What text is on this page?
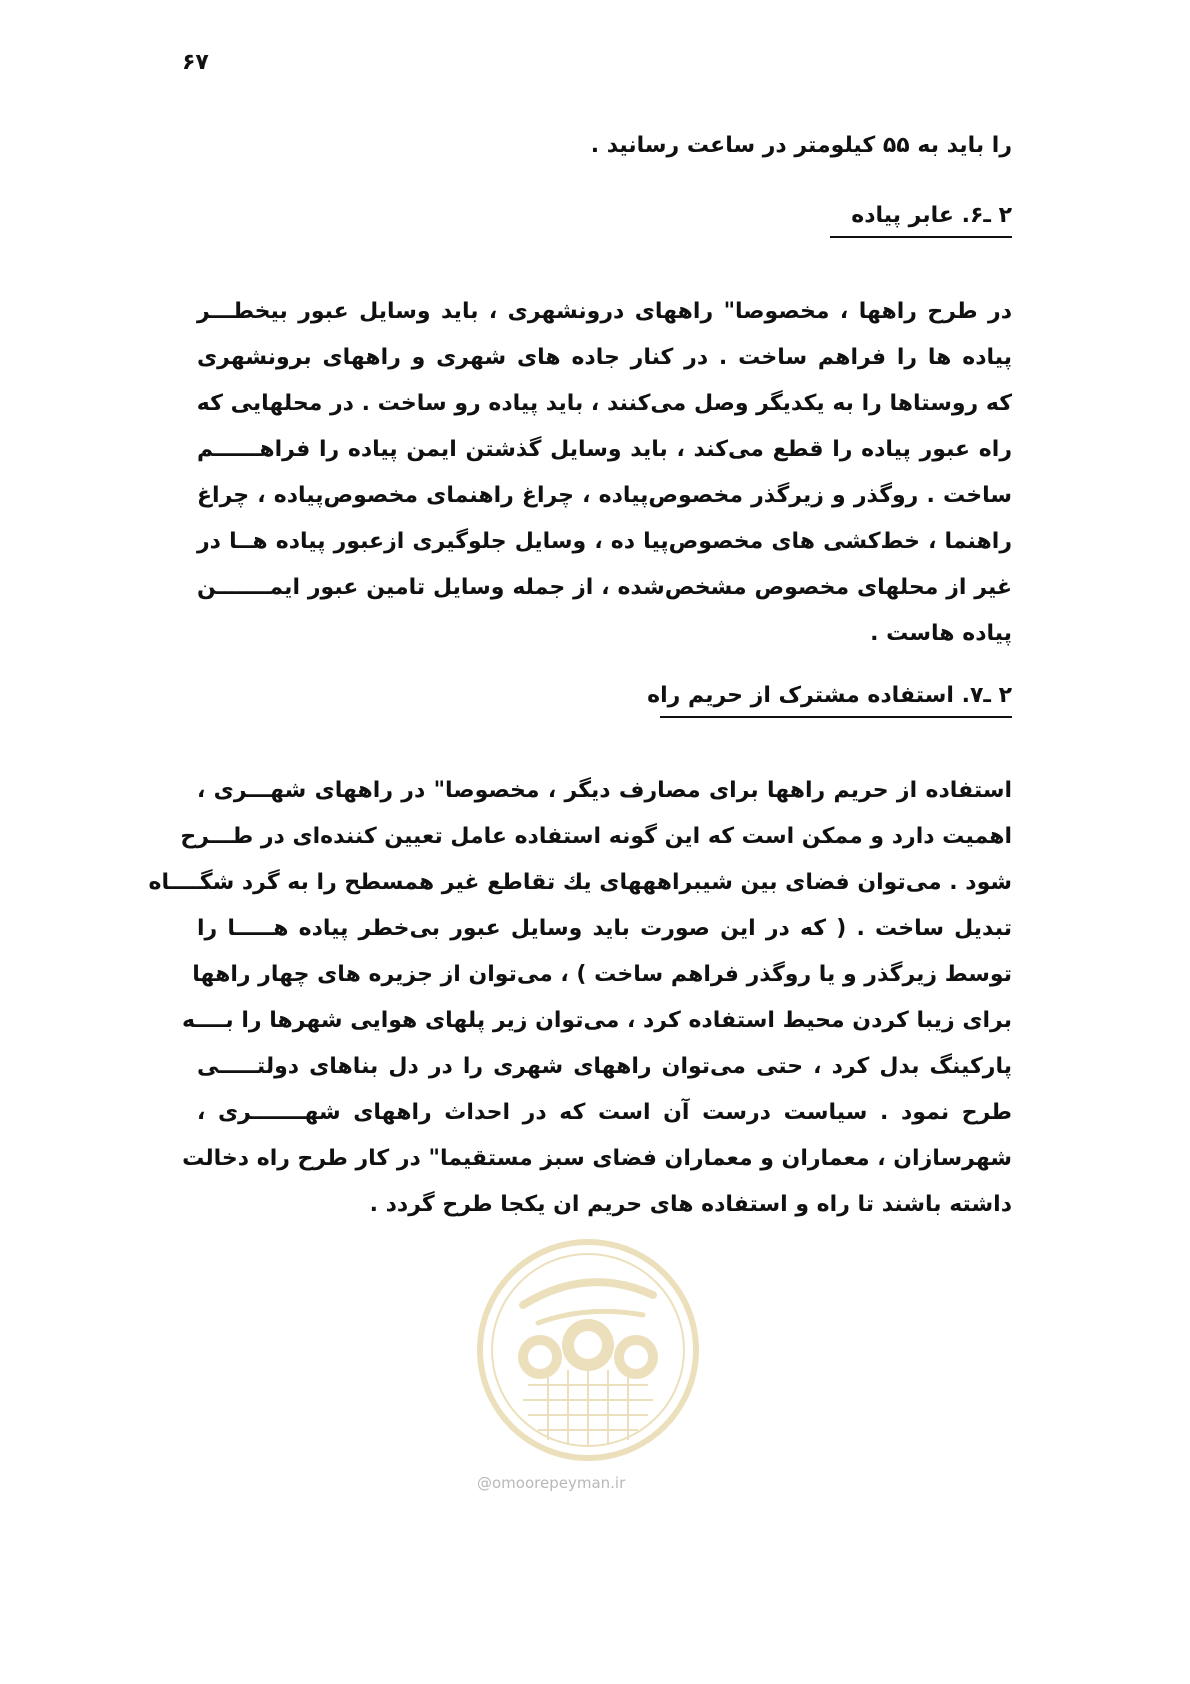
۶۷
را باید به ۵۵ کیلومتر در ساعت رسانید .
۲ ـ۶. عابر پیاده
در طرح راهها ، مخصوصا" راههای درونشهری ، باید وسایل عبور بیخطـــر
پیاده ها را فراهم ساخت . در کنار جاده های شهری و راههای برونشهری
که روستاها را به یکدیگر وصل می‌کنند ، باید پیاده رو ساخت . در محلهایی که
راه عبور پیاده را قطع می‌کند ، باید وسایل گذشتن ایمن پیاده را فراهــــــم
ساخت . روگذر و زیرگذر مخصوص‌پیاده ، چراغ راهنمای مخصوص‌پیاده ، چراغ
راهنما ، خط‌کشی های مخصوص‌پیا ده ، وسایل جلوگیری ازعبور پیاده هــا در
غیر از محلهای مخصوص مشخص‌شده ، از جمله وسایل تامین عبور ایمـــــــن
پیاده هاست .
۲ ـ۷. استفاده مشترک از حریم راه
استفاده از حریم راهها برای مصارف دیگر ، مخصوصا" در راههای شهـــری ،
اهمیت دارد و ممکن است که این گونه استفاده عامل تعیین کننده‌ای در طـــرح
شود . می‌توان فضای بین شیبراهههای یك تقاطع غیر همسطح را به گرد شگــــاه
تبدیل ساخت . ( که در این صورت باید وسایل عبور بی‌خطر پیاده هـــــا را
توسط زیرگذر و یا روگذر فراهم ساخت ) ، می‌توان از جزیره های چهار راهها
برای زیبا کردن محیط استفاده کرد ، می‌توان زیر پلهای هوایی شهرها را بــــه
پارکینگ بدل کرد ، حتی می‌توان راههای شهری را در دل بناهای دولتـــــی
طرح نمود . سیاست درست آن است که در احداث راههای شهـــــــری ،
شهرسازان ، معماران و معماران فضای سبز مستقیما" در کار طرح راه دخالت
داشته باشند تا راه و استفاده های حریم ان یکجا طرح گردد .
@omoorepeyman.ir
